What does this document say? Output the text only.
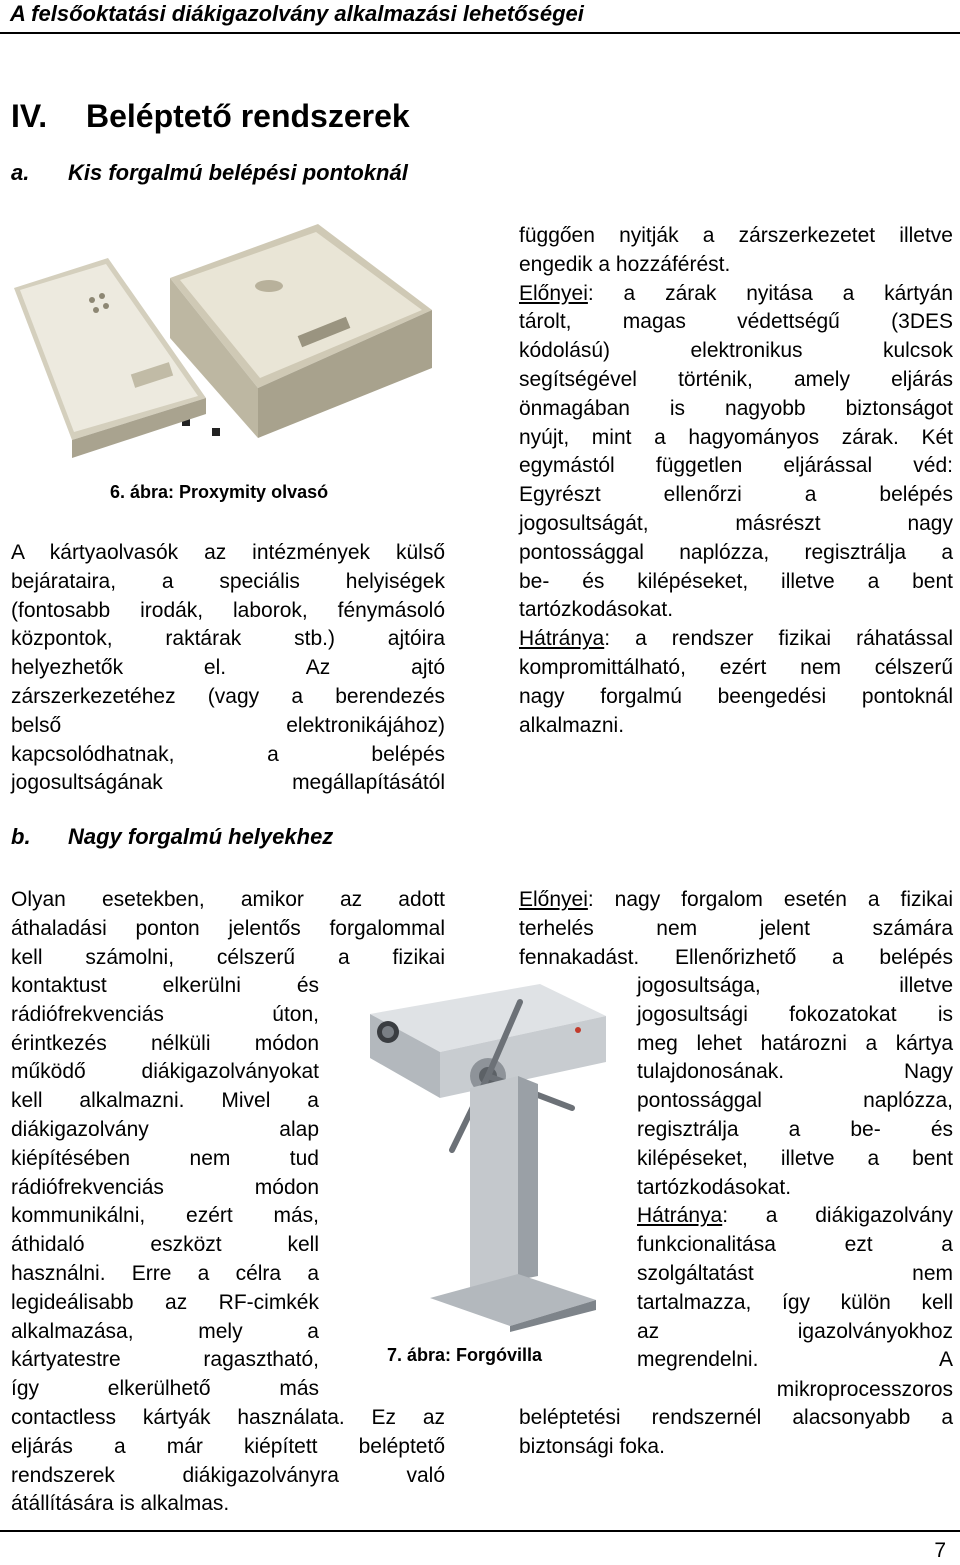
A felsőoktatási diákigazolvány alkalmazási lehetőségei
IV. Beléptető rendszerek
a. Kis forgalmú belépési pontoknál
6. ábra: Proxymity olvasó
A kártyaolvasók az intézmények külső
bejárataira, a speciális helyiségek
(fontosabb irodák, laborok, fénymásoló
központok, raktárak stb.) ajtóira
helyezhetők el. Az ajtó
zárszerkezetéhez (vagy a berendezés
belső elektronikájához)
kapcsolódhatnak, a belépés
jogosultságának megállapításától
függően nyitják a zárszerkezetet illetve
engedik a hozzáférést.
Előnyei: a zárak nyitása a kártyán
tárolt, magas védettségű (3DES
kódolású) elektronikus kulcsok
segítségével történik, amely eljárás
önmagában is nagyobb biztonságot
nyújt, mint a hagyományos zárak. Két
egymástól független eljárással véd:
Egyrészt ellenőrzi a belépés
jogosultságát, másrészt nagy
pontossággal naplózza, regisztrálja a
be- és kilépéseket, illetve a bent
tartózkodásokat.
Hátránya: a rendszer fizikai ráhatással
kompromittálható, ezért nem célszerű
nagy forgalmú beengedési pontoknál
alkalmazni.
b. Nagy forgalmú helyekhez
Olyan esetekben, amikor az adott
áthaladási ponton jelentős forgalommal
kell számolni, célszerű a fizikai
kontaktust elkerülni és
rádiófrekvenciás úton,
érintkezés nélküli módon
működő diákigazolványokat
kell alkalmazni. Mivel a
diákigazolvány alap
kiépítésében nem tud
rádiófrekvenciás módon
kommunikálni, ezért más,
áthidaló eszközt kell
használni. Erre a célra a
legideálisabb az RF-cimkék
alkalmazása, mely a
kártyatestre ragasztható,
így elkerülhető más
contactless kártyák használata. Ez az
eljárás a már kiépített beléptető
rendszerek diákigazolványra való
átállítására is alkalmas.
7. ábra: Forgóvilla
Előnyei: nagy forgalom esetén a fizikai
terhelés nem jelent számára
fennakadást. Ellenőrizhető a belépés
jogosultsága, illetve
jogosultsági fokozatokat is
meg lehet határozni a kártya
tulajdonosának. Nagy
pontossággal naplózza,
regisztrálja a be- és
kilépéseket, illetve a bent
tartózkodásokat.
Hátránya: a diákigazolvány
funkcionalitása ezt a
szolgáltatást nem
tartalmazza, így külön kell
az igazolványokhoz
megrendelni. A
mikroprocesszoros
beléptetési rendszernél alacsonyabb a
biztonsági foka.
7
